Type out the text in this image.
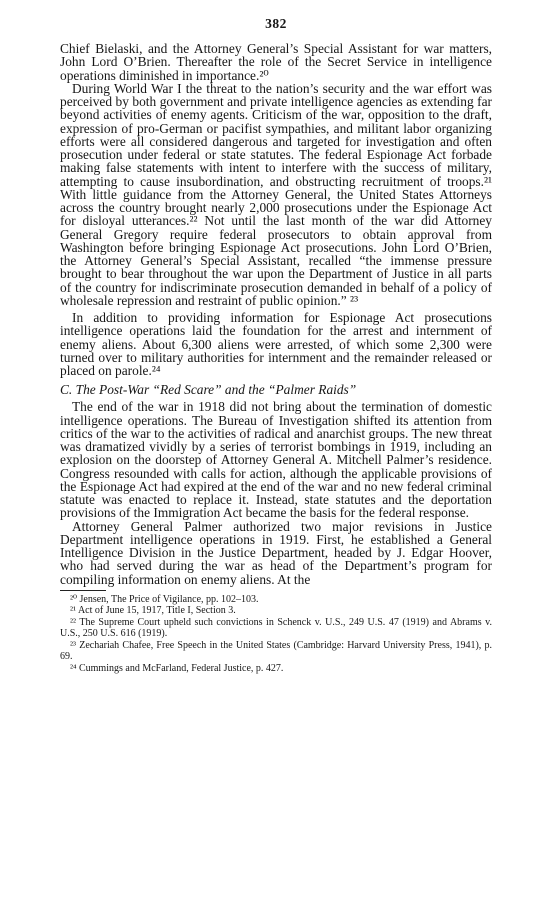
382

Chief Bielaski, and the Attorney General’s Special Assistant for war matters, John Lord O’Brien. Thereafter the role of the Secret Service in intelligence operations diminished in importance.²⁰

During World War I the threat to the nation’s security and the war effort was perceived by both government and private intelligence agencies as extending far beyond activities of enemy agents. Criticism of the war, opposition to the draft, expression of pro-German or pacifist sympathies, and militant labor organizing efforts were all considered dangerous and targeted for investigation and often prosecution under federal or state statutes. The federal Espionage Act forbade making false statements with intent to interfere with the success of military, attempting to cause insubordination, and obstructing recruitment of troops.²¹ With little guidance from the Attorney General, the United States Attorneys across the country brought nearly 2,000 prosecutions under the Espionage Act for disloyal utterances.²² Not until the last month of the war did Attorney General Gregory require federal prosecutors to obtain approval from Washington before bringing Espionage Act prosecutions. John Lord O’Brien, the Attorney General’s Special Assistant, recalled “the immense pressure brought to bear throughout the war upon the Department of Justice in all parts of the country for indiscriminate prosecution demanded in behalf of a policy of wholesale repression and restraint of public opinion.” ²³

In addition to providing information for Espionage Act prosecutions intelligence operations laid the foundation for the arrest and internment of enemy aliens. About 6,300 aliens were arrested, of which some 2,300 were turned over to military authorities for internment and the remainder released or placed on parole.²⁴

C. The Post-War “Red Scare” and the “Palmer Raids”

The end of the war in 1918 did not bring about the termination of domestic intelligence operations. The Bureau of Investigation shifted its attention from critics of the war to the activities of radical and anarchist groups. The new threat was dramatized vividly by a series of terrorist bombings in 1919, including an explosion on the doorstep of Attorney General A. Mitchell Palmer’s residence. Congress resounded with calls for action, although the applicable provisions of the Espionage Act had expired at the end of the war and no new federal criminal statute was enacted to replace it. Instead, state statutes and the deportation provisions of the Immigration Act became the basis for the federal response.

Attorney General Palmer authorized two major revisions in Justice Department intelligence operations in 1919. First, he established a General Intelligence Division in the Justice Department, headed by J. Edgar Hoover, who had served during the war as head of the Department’s program for compiling information on enemy aliens. At the

²⁰ Jensen, The Price of Vigilance, pp. 102–103.

²¹ Act of June 15, 1917, Title I, Section 3.

²² The Supreme Court upheld such convictions in Schenck v. U.S., 249 U.S. 47 (1919) and Abrams v. U.S., 250 U.S. 616 (1919).

²³ Zechariah Chafee, Free Speech in the United States (Cambridge: Harvard University Press, 1941), p. 69.

²⁴ Cummings and McFarland, Federal Justice, p. 427.
